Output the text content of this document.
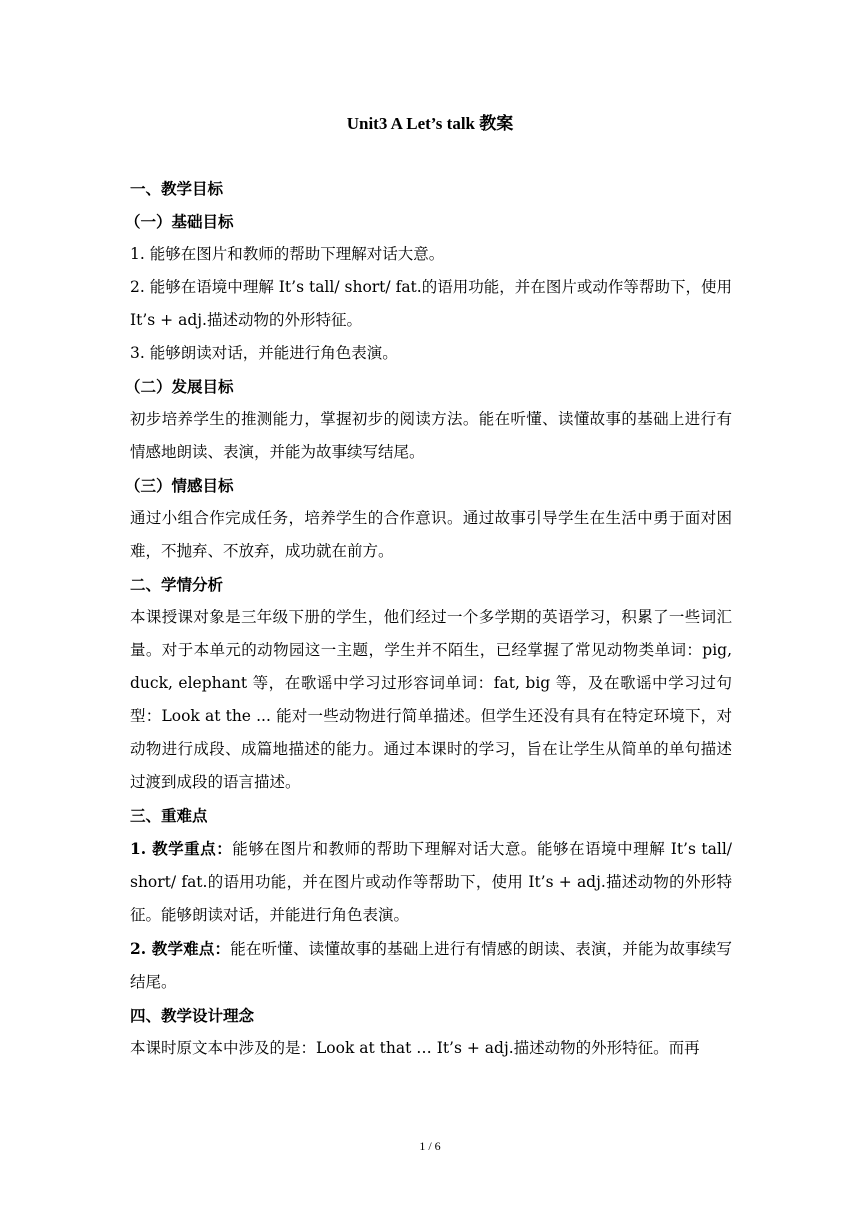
Unit3 A Let’s talk 教案

一、教学目标

（一）基础目标

1. 能够在图片和教师的帮助下理解对话大意。

2. 能够在语境中理解 It’s tall/ short/ fat.的语用功能，并在图片或动作等帮助下，使用 It’s + adj.描述动物的外形特征。

3. 能够朗读对话，并能进行角色表演。

（二）发展目标

初步培养学生的推测能力，掌握初步的阅读方法。能在听懂、读懂故事的基础上进行有情感地朗读、表演，并能为故事续写结尾。

（三）情感目标

通过小组合作完成任务，培养学生的合作意识。通过故事引导学生在生活中勇于面对困难，不抛弃、不放弃，成功就在前方。

二、学情分析

本课授课对象是三年级下册的学生，他们经过一个多学期的英语学习，积累了一些词汇量。对于本单元的动物园这一主题，学生并不陌生，已经掌握了常见动物类单词：pig, duck, elephant 等，在歌谣中学习过形容词单词：fat, big 等，及在歌谣中学习过句型：Look at the ... 能对一些动物进行简单描述。但学生还没有具有在特定环境下，对动物进行成段、成篇地描述的能力。通过本课时的学习，旨在让学生从简单的单句描述过渡到成段的语言描述。

三、重难点

1. 教学重点：能够在图片和教师的帮助下理解对话大意。能够在语境中理解 It’s tall/ short/ fat.的语用功能，并在图片或动作等帮助下，使用 It’s + adj.描述动物的外形特征。能够朗读对话，并能进行角色表演。

2. 教学难点：能在听懂、读懂故事的基础上进行有情感的朗读、表演，并能为故事续写结尾。

四、教学设计理念

本课时原文本中涉及的是：Look at that … It’s + adj.描述动物的外形特征。而再

1 / 6
